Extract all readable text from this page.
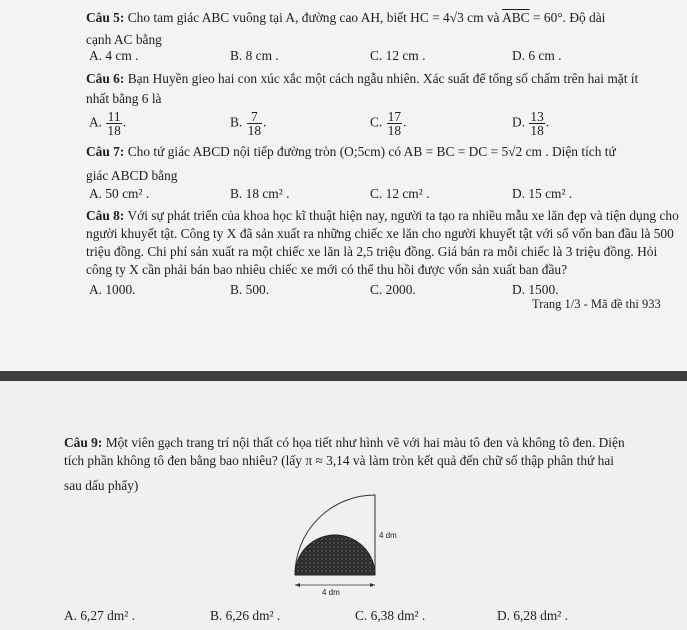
Câu 5: Cho tam giác ABC vuông tại A, đường cao AH, biết HC = 4√3 cm và $\overline{ABC} = 60^\circ$. Độ dài
cạnh AC bằng
A. 4 cm .	B. 8 cm .	C. 12 cm .	D. 6 cm .
Câu 6: Bạn Huyền gieo hai con xúc xắc một cách ngẫu nhiên. Xác suất để tổng số chấm trên hai mặt ít
nhất bằng 6 là
A. $\frac{11}{18}$ .	B. $\frac{7}{18}$ .	C. $\frac{17}{18}$ .	D. $\frac{13}{18}$ .
Câu 7: Cho tứ giác ABCD nội tiếp đường tròn (O;5cm) có AB = BC = DC = 5√2 cm . Diện tích tứ
giác ABCD bằng
A. 50 cm² .	B. 18 cm² .	C. 12 cm² .	D. 15 cm² .
Câu 8: Với sự phát triển của khoa học kĩ thuật hiện nay, người ta tạo ra nhiều mẫu xe lăn đẹp và tiện dụng cho
người khuyết tật. Công ty X đã sản xuất ra những chiếc xe lăn cho người khuyết tật với số vốn ban đầu là 500
triệu đồng. Chi phí sản xuất ra một chiếc xe lăn là 2,5 triệu đồng. Giá bán ra mỗi chiếc là 3 triệu đồng. Hỏi
công ty X cần phải bán bao nhiêu chiếc xe mới có thể thu hồi được vốn sản xuất ban đầu?
A. 1000.	B. 500.	C. 2000.	D. 1500.
Trang 1/3 - Mã đề thi 933
Câu 9: Một viên gạch trang trí nội thất có họa tiết như hình vẽ với hai màu tô đen và không tô đen. Diện
tích phần không tô đen bằng bao nhiêu? (lấy π ≈ 3,14 và làm tròn kết quả đến chữ số thập phân thứ hai
sau dấu phẩy)
4 dm
4 dm
A. 6,27 dm² .	B. 6,26 dm² .	C. 6,38 dm² .	D. 6,28 dm² .
